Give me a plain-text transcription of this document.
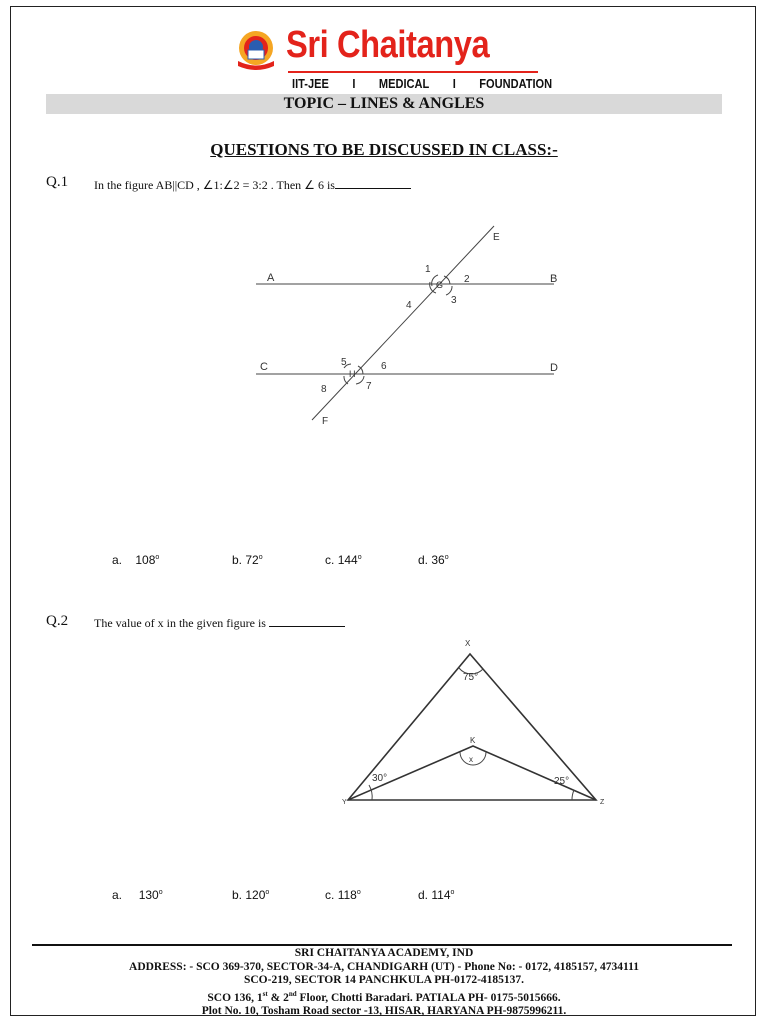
Sri Chaitanya
IIT-JEE I MEDICAL I FOUNDATION
TOPIC – LINES & ANGLES
QUESTIONS TO BE DISCUSSED IN CLASS:-
Q.1 In the figure AB||CD , ∠1:∠2 = 3:2 . Then ∠ 6 is
A	B
C	D
E
F
G
H
1
2
3
4
5	6
7
8
a. 108$^o$	b. 72$^o$	c. 144$^o$	d. 36$^o$
Q.2 The value of x in the given figure is
X
Y	Z
K
x
75°
30°	25°
a. 130$^o$	b. 120$^o$	c. 118$^o$	d. 114$^o$
SRI CHAITANYA ACADEMY, IND
ADDRESS: - SCO 369-370, SECTOR-34-A, CHANDIGARH (UT) - Phone No: - 0172, 4185157, 4734111
SCO-219, SECTOR 14 PANCHKULA PH-0172-4185137.
SCO 136, 1st & 2nd Floor, Chotti Baradari. PATIALA PH- 0175-5015666.
Plot No. 10, Tosham Road sector -13, HISAR, HARYANA PH-9875996211.
